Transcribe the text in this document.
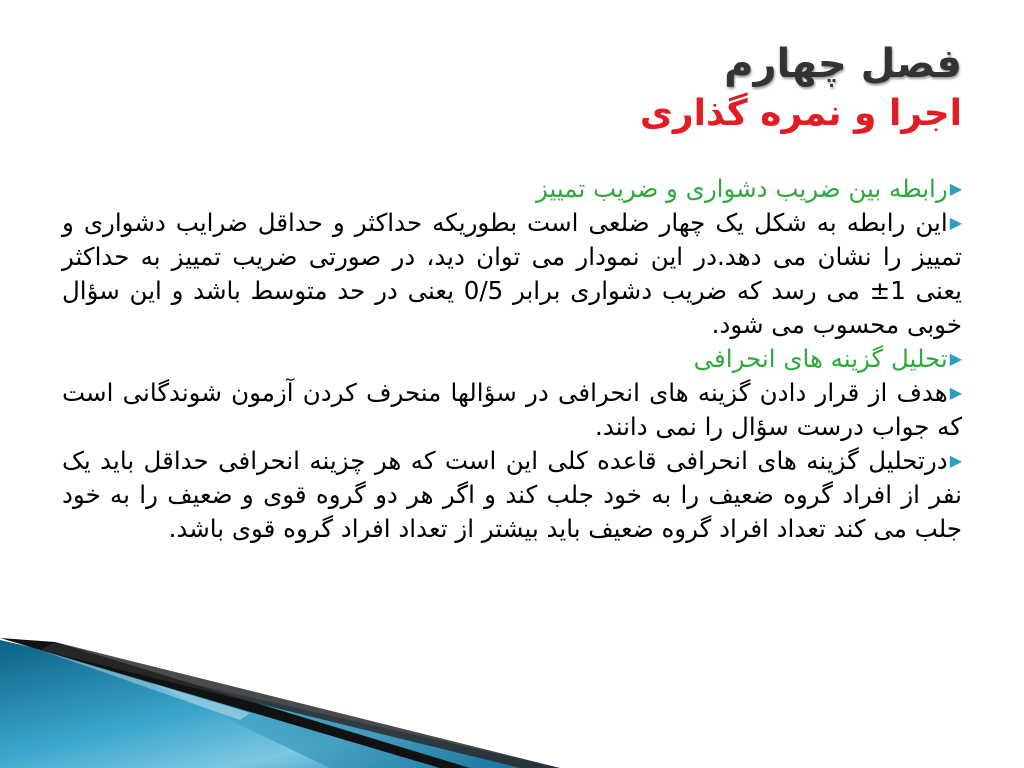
فصل چهارم
اجرا و نمره گذاری

▶رابطه بین ضریب دشواری و ضریب تمییز

▶این رابطه به شکل یک چهار ضلعی است بطوریکه حداکثر و حداقل ضرایب دشواری و تمییز را نشان می دهد.در این نمودار می توان دید، در صورتی ضریب تمییز به حداکثر یعنی 1± می رسد که ضریب دشواری برابر 0/5 یعنی در حد متوسط باشد و این سؤال خوبی محسوب می شود.

▶تحلیل گزینه های انحرافی

▶هدف از قرار دادن گزینه های انحرافی در سؤالها منحرف کردن آزمون شوندگانی است که جواب درست سؤال را نمی دانند.

▶درتحلیل گزینه های انحرافی قاعده کلی این است که هر چزینه انحرافی حداقل باید یک نفر از افراد گروه ضعیف را به خود جلب کند و اگر هر دو گروه قوی و ضعیف را به خود جلب می کند تعداد افراد گروه ضعیف باید بیشتر از تعداد افراد گروه قوی باشد.
